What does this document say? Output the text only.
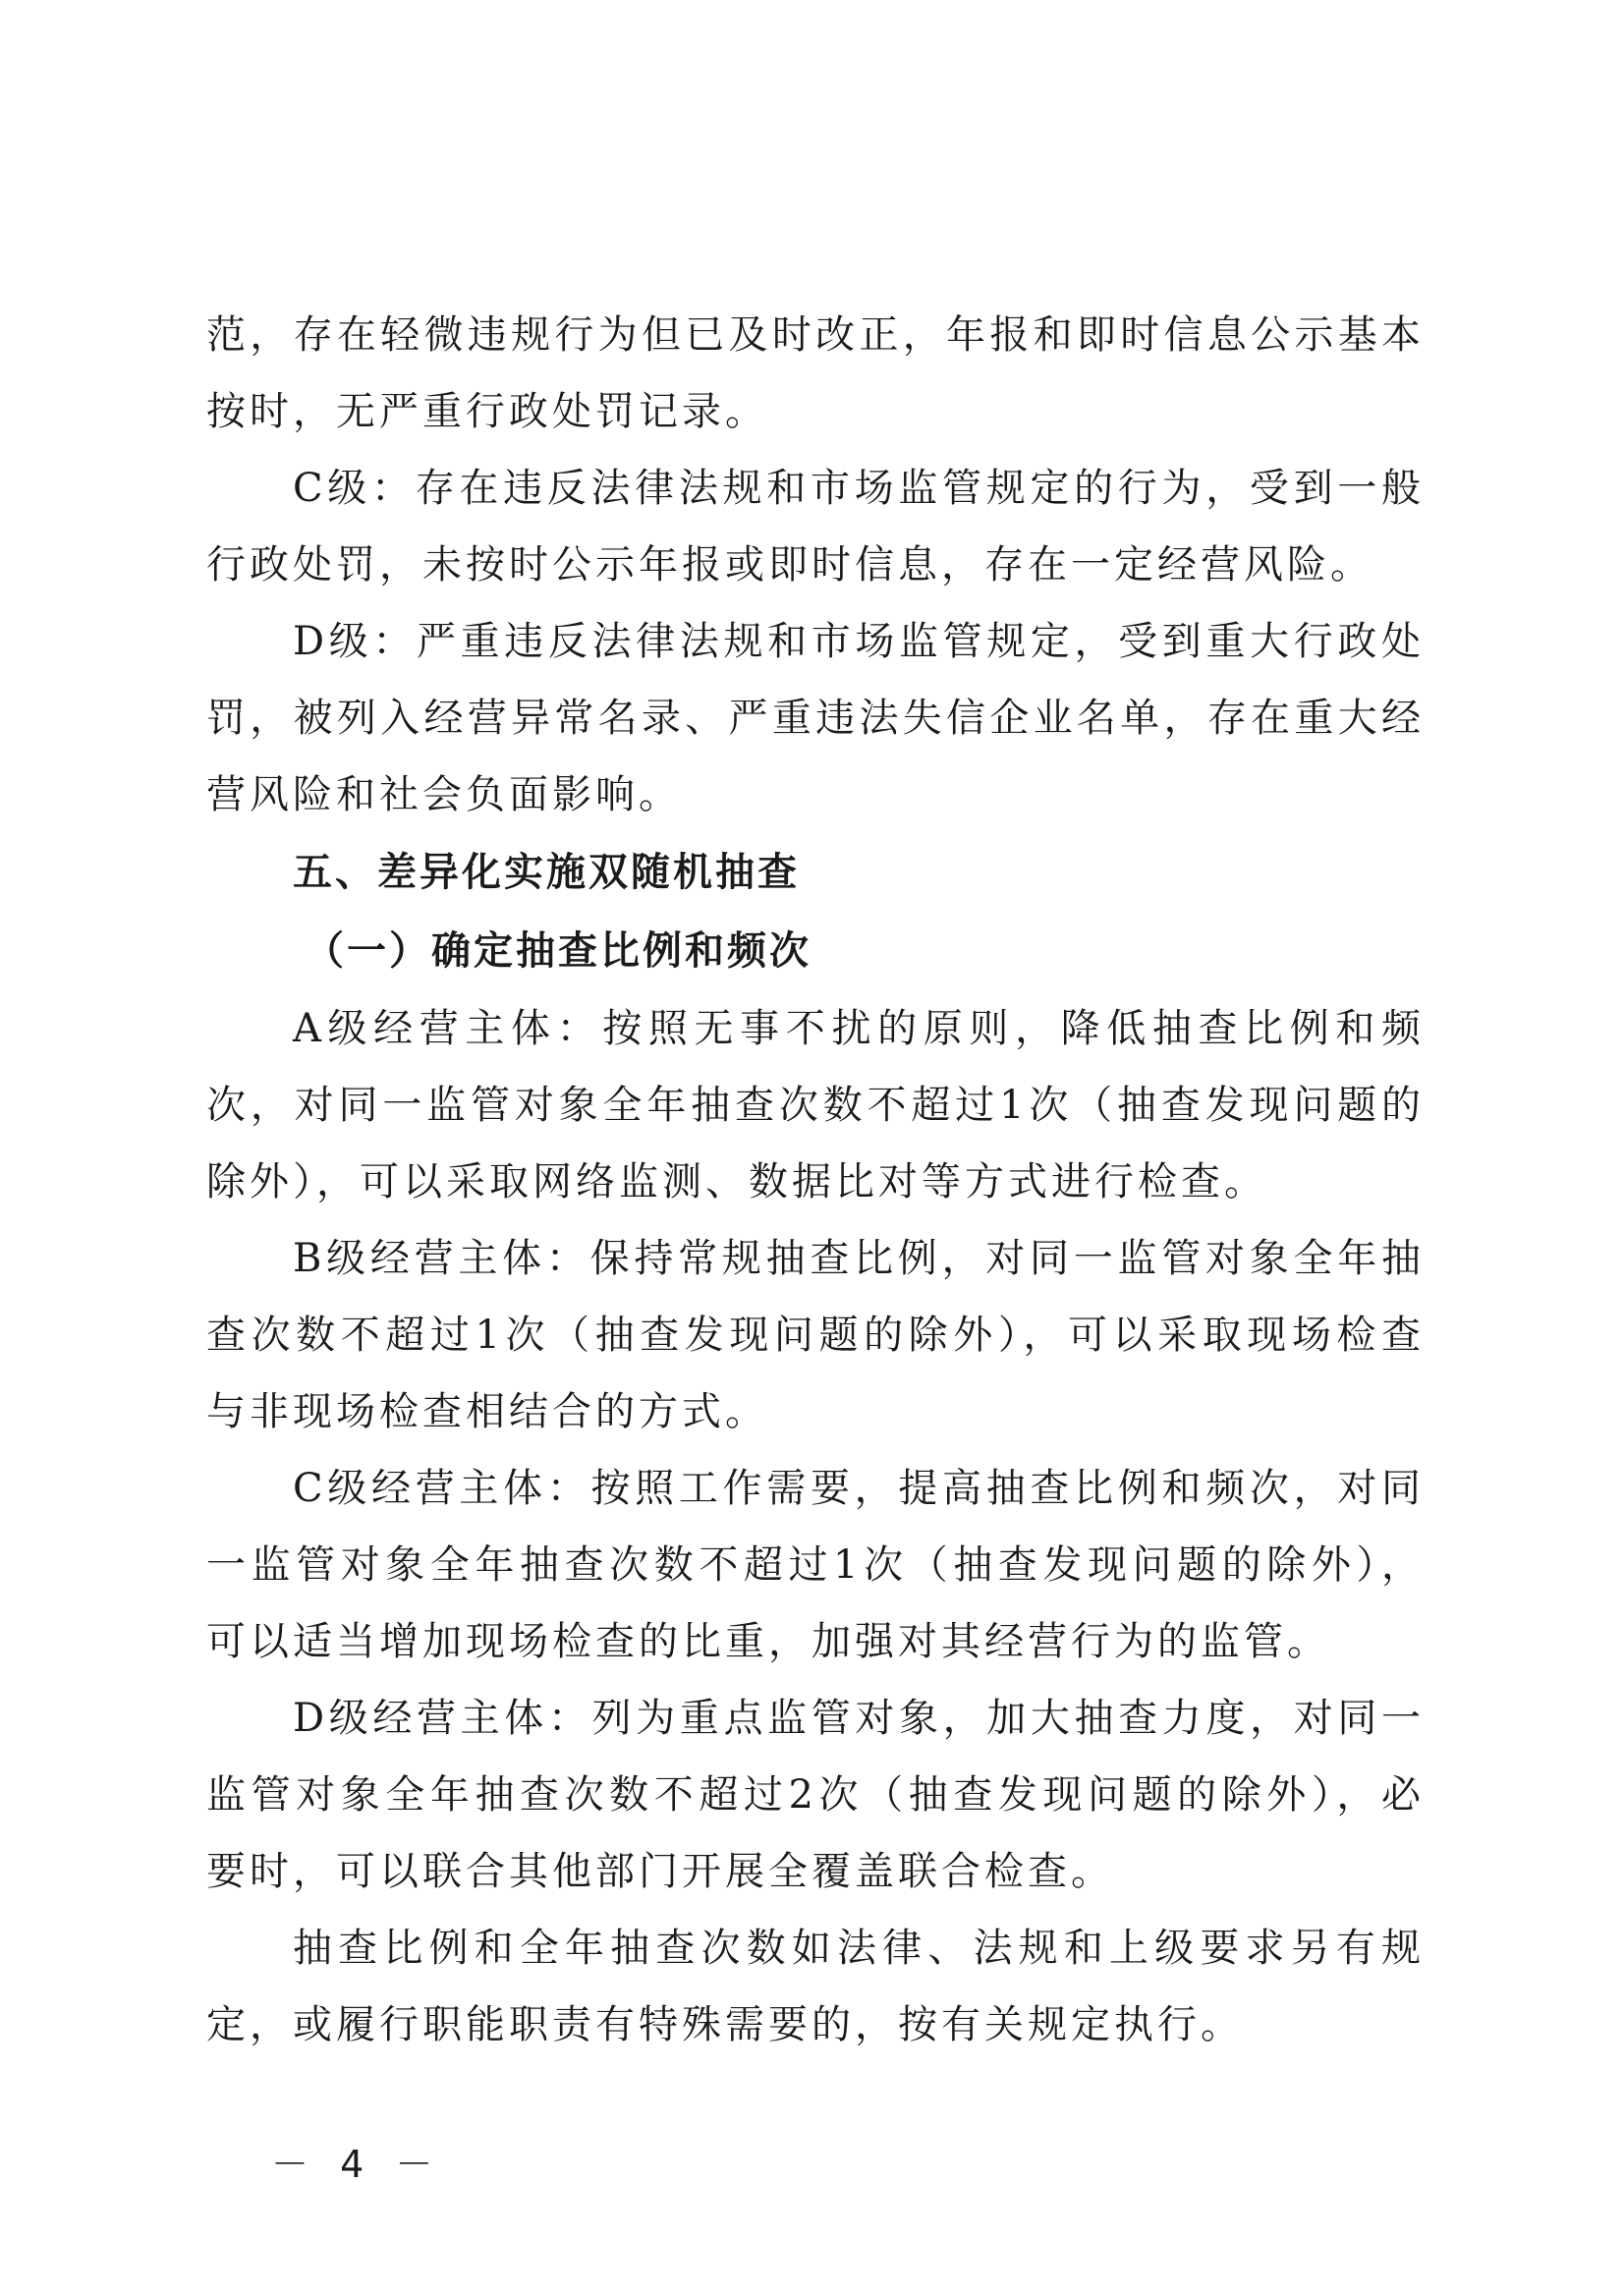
范，存在轻微违规行为但已及时改正，年报和即时信息公示基本按时，无严重行政处罚记录。

C级：存在违反法律法规和市场监管规定的行为，受到一般行政处罚，未按时公示年报或即时信息，存在一定经营风险。

D级：严重违反法律法规和市场监管规定，受到重大行政处罚，被列入经营异常名录、严重违法失信企业名单，存在重大经营风险和社会负面影响。

五、差异化实施双随机抽查
（一）确定抽查比例和频次

A级经营主体：按照无事不扰的原则，降低抽查比例和频次，对同一监管对象全年抽查次数不超过1次（抽查发现问题的除外），可以采取网络监测、数据比对等方式进行检查。

B级经营主体：保持常规抽查比例，对同一监管对象全年抽查次数不超过1次（抽查发现问题的除外），可以采取现场检查与非现场检查相结合的方式。

C级经营主体：按照工作需要，提高抽查比例和频次，对同一监管对象全年抽查次数不超过1次（抽查发现问题的除外），可以适当增加现场检查的比重，加强对其经营行为的监管。

D级经营主体：列为重点监管对象，加大抽查力度，对同一监管对象全年抽查次数不超过2次（抽查发现问题的除外），必要时，可以联合其他部门开展全覆盖联合检查。

抽查比例和全年抽查次数如法律、法规和上级要求另有规定，或履行职能职责有特殊需要的，按有关规定执行。

－ 4 －
